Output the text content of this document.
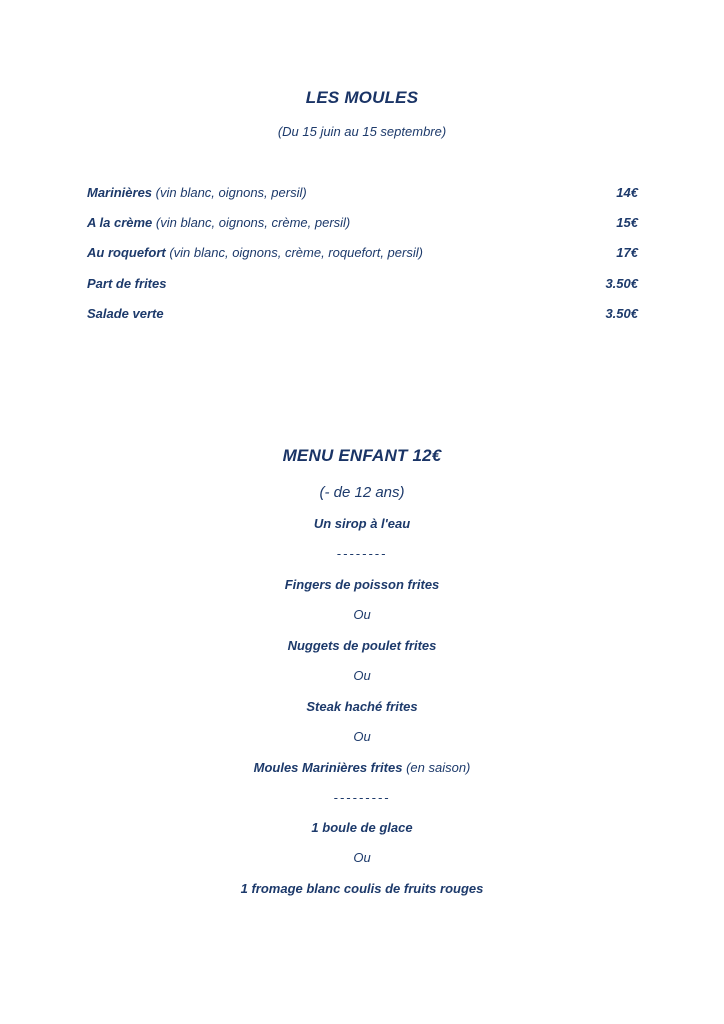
LES MOULES
(Du 15 juin au 15 septembre)
Marinières (vin blanc, oignons, persil)	14€
A la crème (vin blanc, oignons, crème, persil)	15€
Au roquefort (vin blanc, oignons, crème, roquefort, persil)	17€
Part de frites	3.50€
Salade verte	3.50€
MENU ENFANT 12€
(- de 12 ans)
Un sirop à l'eau
--------
Fingers de poisson frites
Ou
Nuggets de poulet frites
Ou
Steak haché frites
Ou
Moules Marinières frites (en saison)
---------
1 boule de glace
Ou
1 fromage blanc coulis de fruits rouges
